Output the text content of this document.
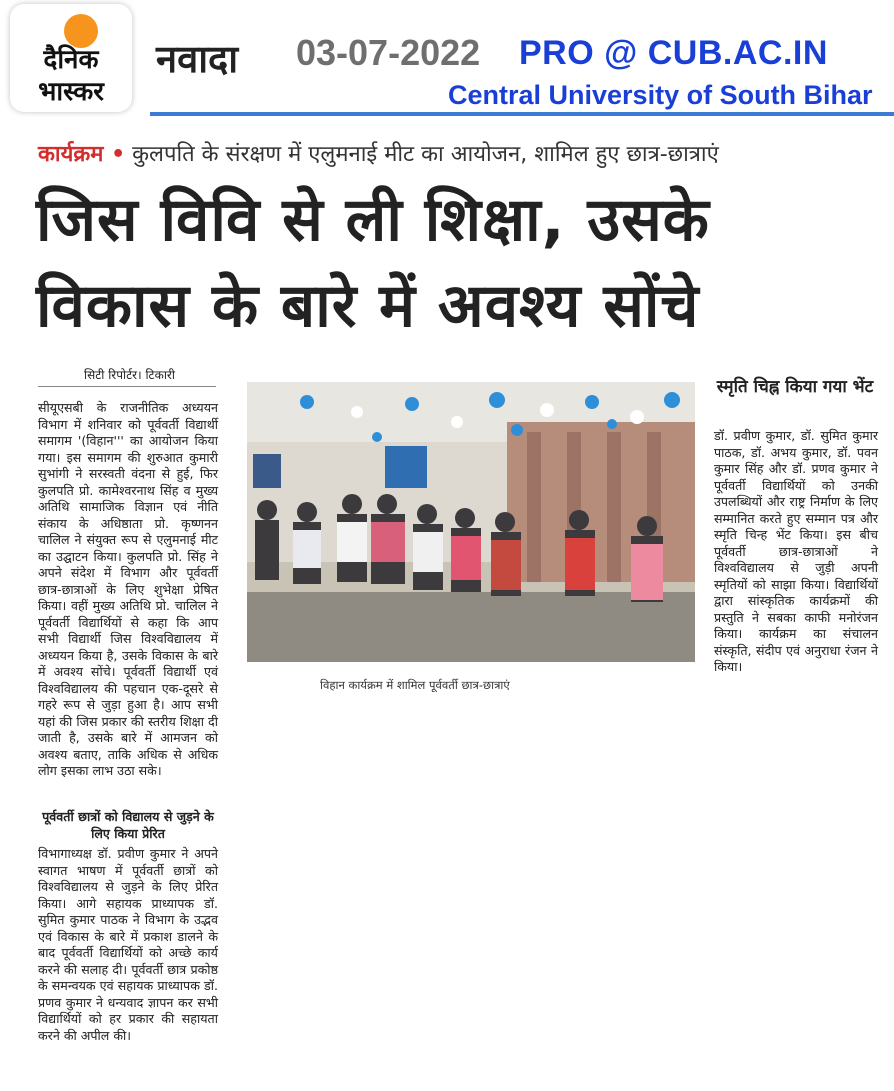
दैनिक
भास्कर
नवादा 03-07-2022 PRO @ CUB.AC.IN
Central University of South Bihar
कार्यक्रम • कुलपति के संरक्षण में एलुमनाई मीट का आयोजन, शामिल हुए छात्र-छात्राएं
जिस विवि से ली शिक्षा, उसके
विकास के बारे में अवश्य सोंचे
सिटी रिपोर्टर। टिकारी
सीयूएसबी के राजनीतिक अध्ययन विभाग में शनिवार को पूर्ववर्ती विद्यार्थी समागम '(विहान''' का आयोजन किया गया। इस समागम की शुरुआत कुमारी सुभांगी ने सरस्वती वंदना से हुई, फिर कुलपति प्रो. कामेश्वरनाथ सिंह व मुख्य अतिथि सामाजिक विज्ञान एवं नीति संकाय के अधिष्ठाता प्रो. कृष्णनन चालिल ने संयुक्त रूप से एलुमनाई मीट का उद्घाटन किया। कुलपति प्रो. सिंह ने अपने संदेश में विभाग और पूर्ववर्ती छात्र-छात्राओं के लिए शुभेक्षा प्रेषित किया। वहीं मुख्य अतिथि प्रो. चालिल ने पूर्ववर्ती विद्यार्थियों से कहा कि आप सभी विद्यार्थी जिस विश्वविद्यालय में अध्ययन किया है, उसके विकास के बारे में अवश्य सोंचे। पूर्ववर्ती विद्यार्थी एवं विश्वविद्यालय की पहचान एक-दूसरे से गहरे रूप से जुड़ा हुआ है। आप सभी यहां की जिस प्रकार की स्तरीय शिक्षा दी जाती है, उसके बारे में आमजन को अवश्य बताए, ताकि अधिक से अधिक लोग इसका लाभ उठा सके।
पूर्ववर्ती छात्रों को विद्यालय से जुड़ने के लिए किया प्रेरित
विभागाध्यक्ष डॉ. प्रवीण कुमार ने अपने स्वागत भाषण में पूर्ववर्ती छात्रों को विश्वविद्यालय से जुड़ने के लिए प्रेरित किया। आगे सहायक प्राध्यापक डॉ. सुमित कुमार पाठक ने विभाग के उद्भव एवं विकास के बारे में प्रकाश डालने के बाद पूर्ववर्ती विद्यार्थियों को अच्छे कार्य करने की सलाह दी। पूर्ववर्ती छात्र प्रकोष्ठ के समन्वयक एवं सहायक प्राध्यापक डॉ. प्रणव कुमार ने धन्यवाद ज्ञापन कर सभी विद्यार्थियों को हर प्रकार की सहायता करने की अपील की।
विहान कार्यक्रम में शामिल पूर्ववर्ती छात्र-छात्राएं
स्मृति चिह्न किया गया भेंट
डॉ. प्रवीण कुमार, डॉ. सुमित कुमार पाठक, डॉ. अभय कुमार, डॉ. पवन कुमार सिंह और डॉ. प्रणव कुमार ने पूर्ववर्ती विद्यार्थियों को उनकी उपलब्धियों और राष्ट्र निर्माण के लिए सम्मानित करते हुए सम्मान पत्र और स्मृति चिन्ह भेंट किया। इस बीच पूर्ववर्ती छात्र-छात्राओं ने विश्वविद्यालय से जुड़ी अपनी स्मृतियों को साझा किया। विद्यार्थियों द्वारा सांस्कृतिक कार्यक्रमों की प्रस्तुति ने सबका काफी मनोरंजन किया। कार्यक्रम का संचालन संस्कृति, संदीप एवं अनुराधा रंजन ने किया।
